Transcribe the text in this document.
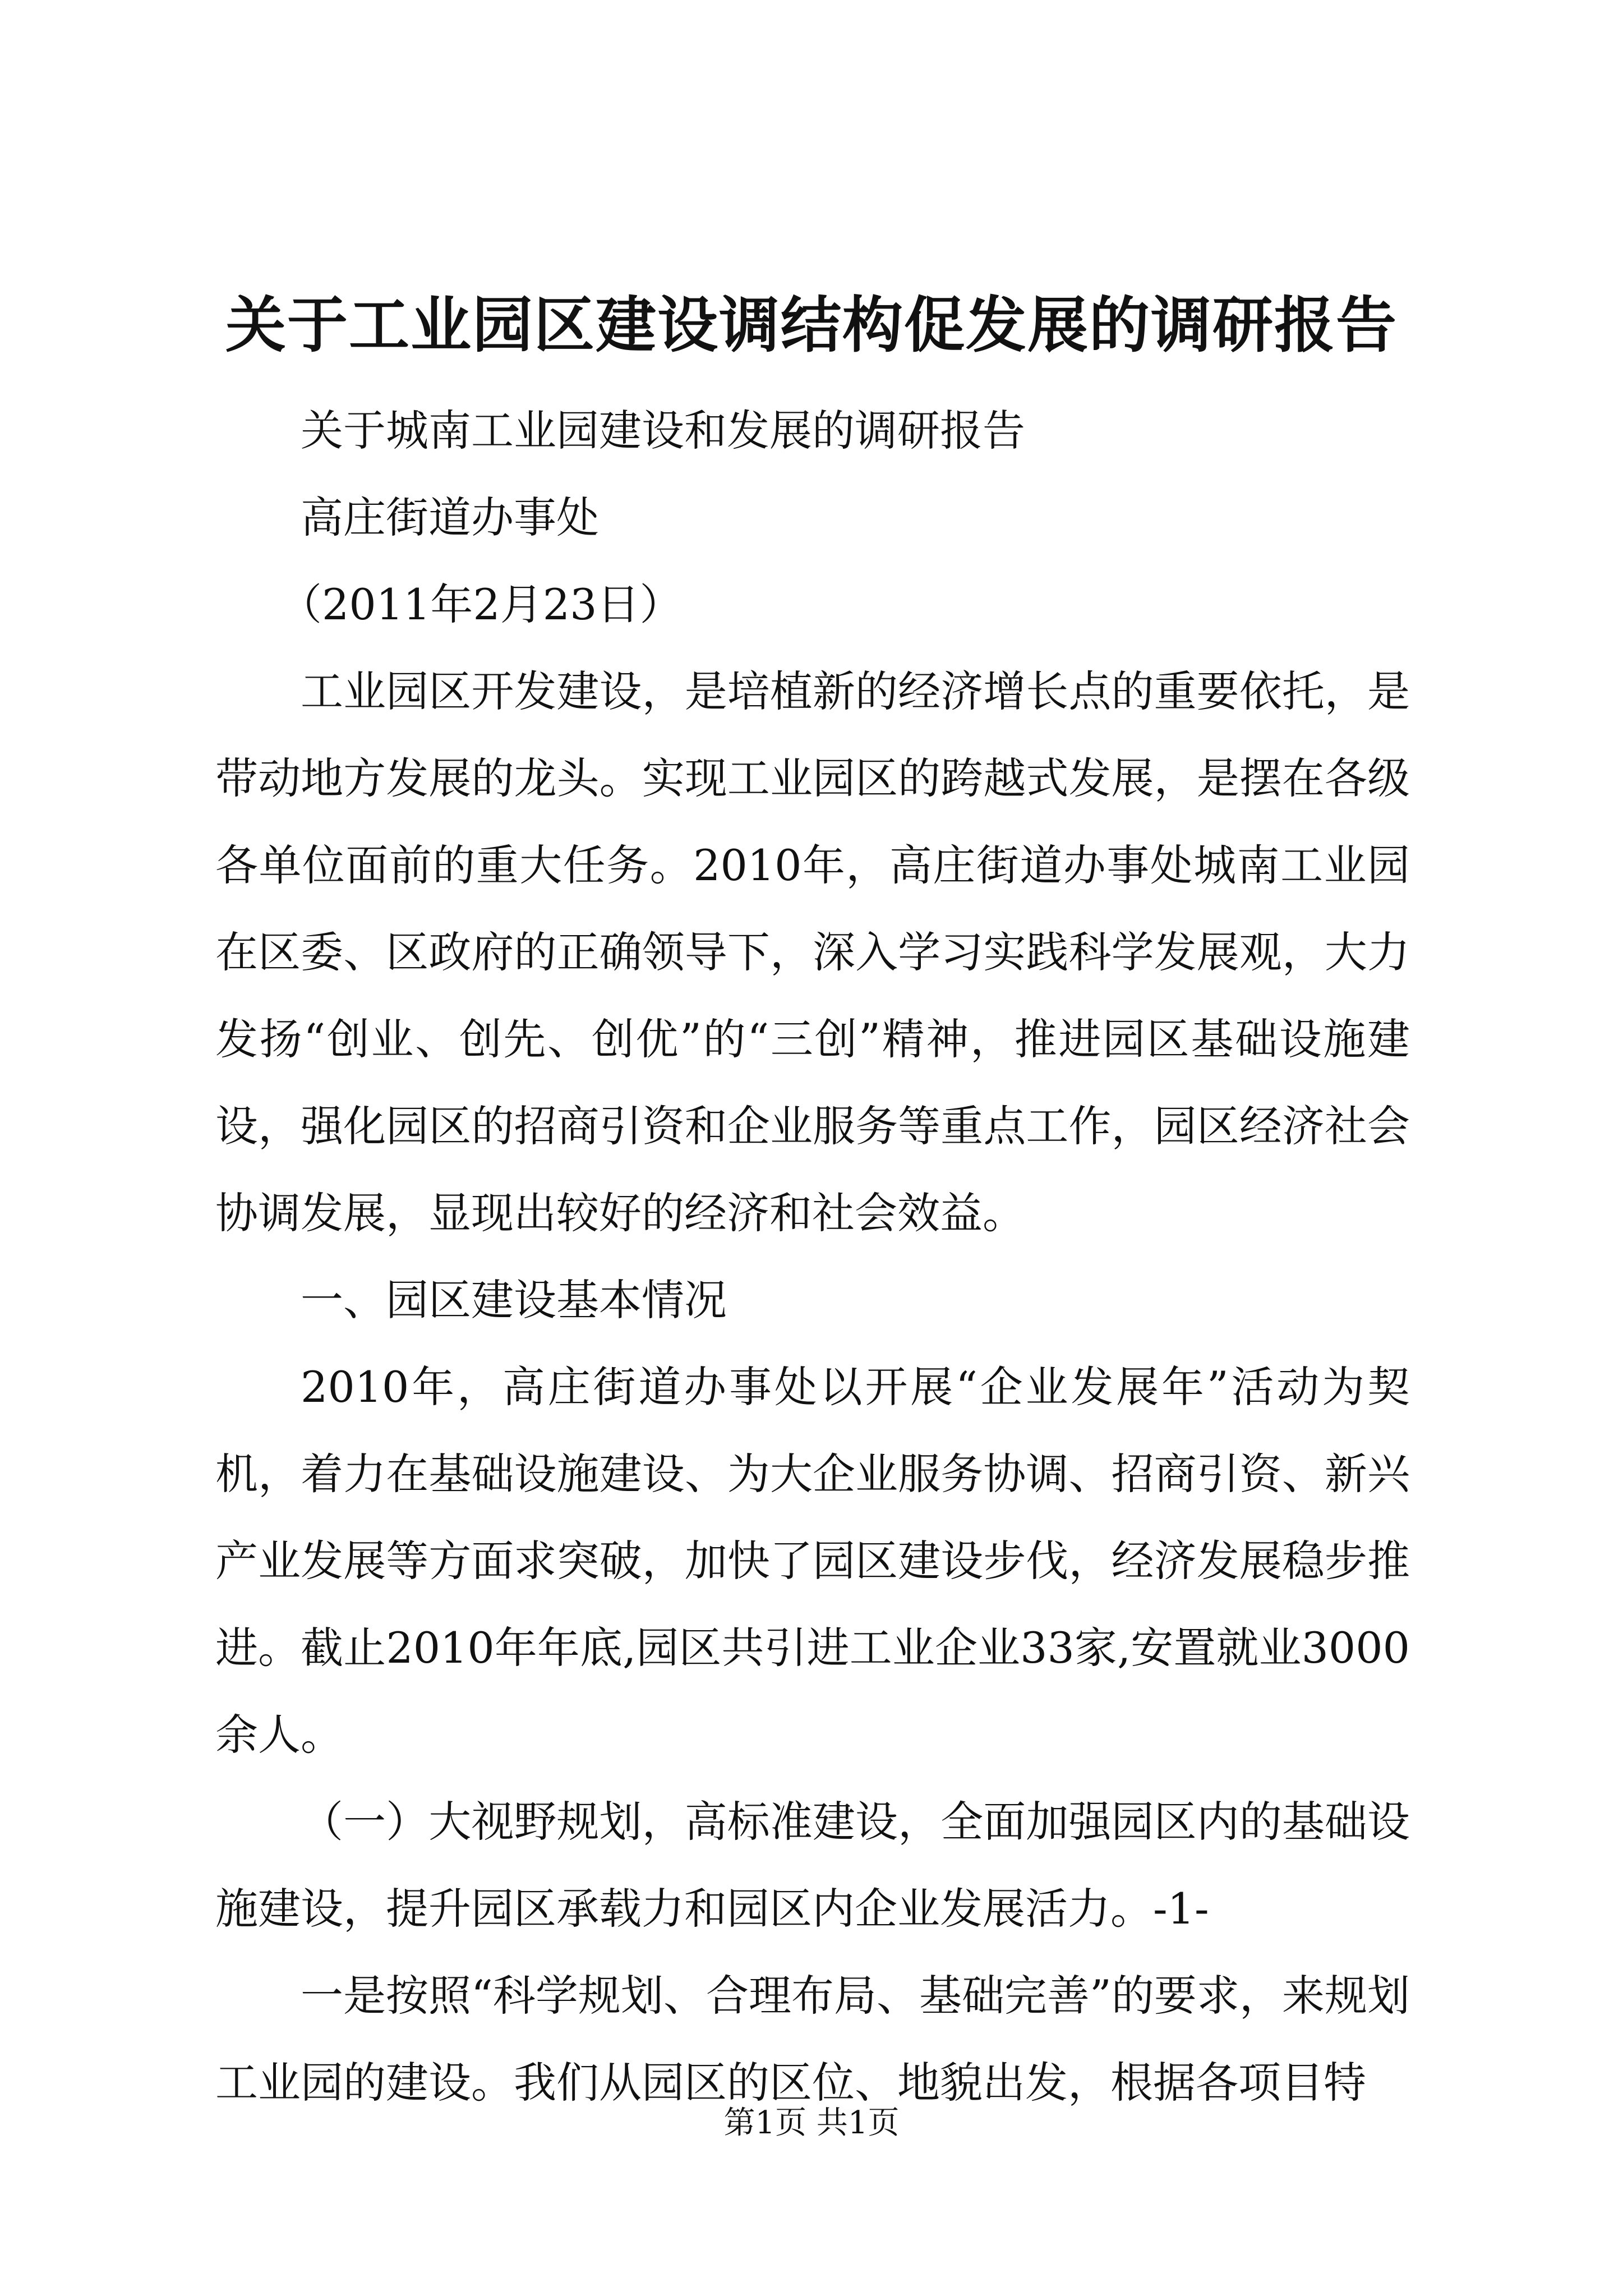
关于工业园区建设调结构促发展的调研报告

关于城南工业园建设和发展的调研报告

高庄街道办事处

（2011年2月23日）

工业园区开发建设，是培植新的经济增长点的重要依托，是带动地方发展的龙头。实现工业园区的跨越式发展，是摆在各级各单位面前的重大任务。2010年，高庄街道办事处城南工业园在区委、区政府的正确领导下，深入学习实践科学发展观，大力发扬“创业、创先、创优”的“三创”精神，推进园区基础设施建设，强化园区的招商引资和企业服务等重点工作，园区经济社会协调发展，显现出较好的经济和社会效益。

一、园区建设基本情况

2010年，高庄街道办事处以开展“企业发展年”活动为契机，着力在基础设施建设、为大企业服务协调、招商引资、新兴产业发展等方面求突破，加快了园区建设步伐，经济发展稳步推进。截止2010年年底,园区共引进工业企业33家,安置就业3000余人。

（一）大视野规划，高标准建设，全面加强园区内的基础设施建设，提升园区承载力和园区内企业发展活力。-1-

一是按照“科学规划、合理布局、基础完善”的要求，来规划工业园的建设。我们从园区的区位、地貌出发，根据各项目特

第1页 共1页
